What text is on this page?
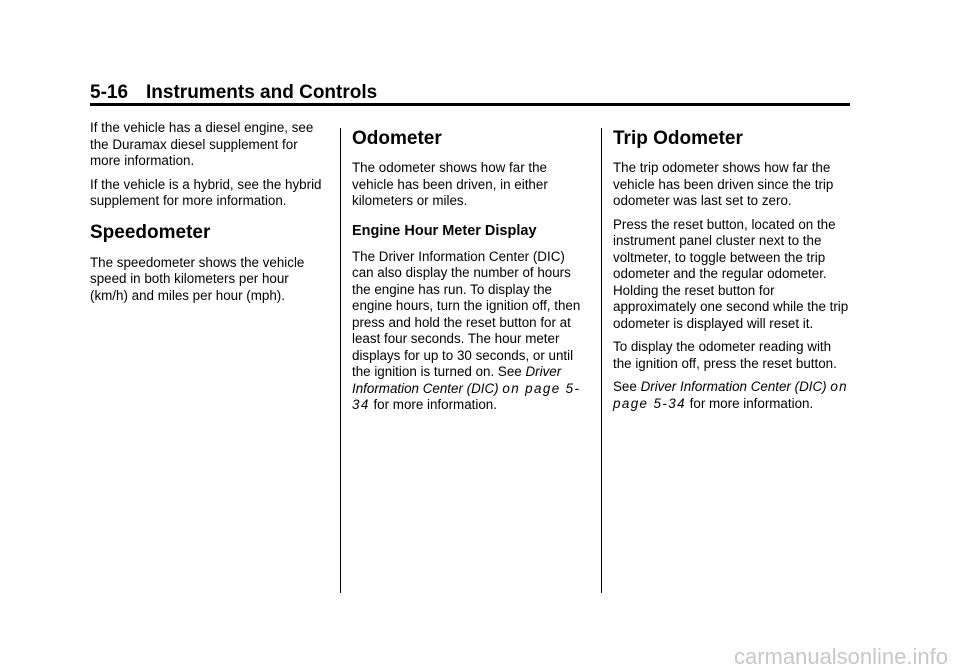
5-16 Instruments and Controls

If the vehicle has a diesel engine, see the Duramax diesel supplement for more information.

If the vehicle is a hybrid, see the hybrid supplement for more information.

Speedometer

The speedometer shows the vehicle speed in both kilometers per hour (km/h) and miles per hour (mph).

Odometer

The odometer shows how far the vehicle has been driven, in either kilometers or miles.

Engine Hour Meter Display

The Driver Information Center (DIC) can also display the number of hours the engine has run. To display the engine hours, turn the ignition off, then press and hold the reset button for at least four seconds. The hour meter displays for up to 30 seconds, or until the ignition is turned on. See Driver Information Center (DIC) on page 5-34 for more information.

Trip Odometer

The trip odometer shows how far the vehicle has been driven since the trip odometer was last set to zero.

Press the reset button, located on the instrument panel cluster next to the voltmeter, to toggle between the trip odometer and the regular odometer. Holding the reset button for approximately one second while the trip odometer is displayed will reset it.

To display the odometer reading with the ignition off, press the reset button.

See Driver Information Center (DIC) on page 5-34 for more information.

carmanualsonline.info
